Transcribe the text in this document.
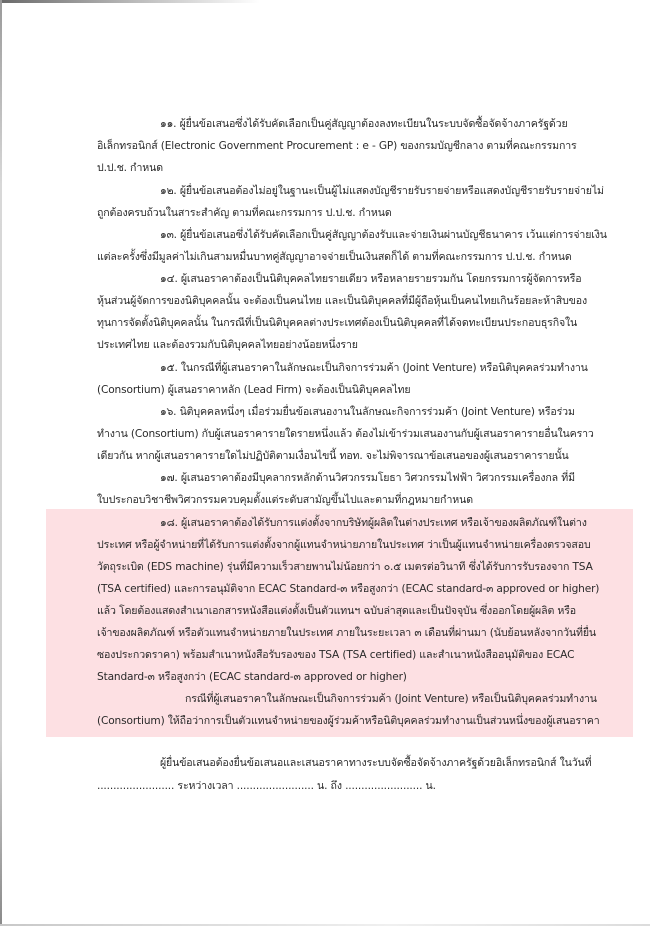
๑๑. ผู้ยื่นข้อเสนอซึ่งได้รับคัดเลือกเป็นคู่สัญญาต้องลงทะเบียนในระบบจัดซื้อจัดจ้างภาครัฐด้วย
อิเล็กทรอนิกส์ (Electronic Government Procurement : e - GP) ของกรมบัญชีกลาง ตามที่คณะกรรมการ
ป.ป.ช. กำหนด
๑๒. ผู้ยื่นข้อเสนอต้องไม่อยู่ในฐานะเป็นผู้ไม่แสดงบัญชีรายรับรายจ่ายหรือแสดงบัญชีรายรับรายจ่ายไม่
ถูกต้องครบถ้วนในสาระสำคัญ ตามที่คณะกรรมการ ป.ป.ช. กำหนด
๑๓. ผู้ยื่นข้อเสนอซึ่งได้รับคัดเลือกเป็นคู่สัญญาต้องรับและจ่ายเงินผ่านบัญชีธนาคาร เว้นแต่การจ่ายเงิน
แต่ละครั้งซึ่งมีมูลค่าไม่เกินสามหมื่นบาทคู่สัญญาอาจจ่ายเป็นเงินสดก็ได้ ตามที่คณะกรรมการ ป.ป.ช. กำหนด
๑๔. ผู้เสนอราคาต้องเป็นนิติบุคคลไทยรายเดียว หรือหลายรายรวมกัน โดยกรรมการผู้จัดการหรือ
หุ้นส่วนผู้จัดการของนิติบุคคลนั้น จะต้องเป็นคนไทย และเป็นนิติบุคคลที่มีผู้ถือหุ้นเป็นคนไทยเกินร้อยละห้าสิบของ
ทุนการจัดตั้งนิติบุคคลนั้น ในกรณีที่เป็นนิติบุคคลต่างประเทศต้องเป็นนิติบุคคลที่ได้จดทะเบียนประกอบธุรกิจใน
ประเทศไทย และต้องรวมกับนิติบุคคลไทยอย่างน้อยหนึ่งราย
๑๕. ในกรณีที่ผู้เสนอราคาในลักษณะเป็นกิจการร่วมค้า (Joint Venture) หรือนิติบุคคลร่วมทำงาน
(Consortium) ผู้เสนอราคาหลัก (Lead Firm) จะต้องเป็นนิติบุคคลไทย
๑๖. นิติบุคคลหนึ่งๆ เมื่อร่วมยื่นข้อเสนองานในลักษณะกิจการร่วมค้า (Joint Venture) หรือร่วม
ทำงาน (Consortium) กับผู้เสนอราคารายใดรายหนึ่งแล้ว ต้องไม่เข้าร่วมเสนองานกับผู้เสนอราคารายอื่นในคราว
เดียวกัน หากผู้เสนอราคารายใดไม่ปฏิบัติตามเงื่อนไขนี้ ทอท. จะไม่พิจารณาข้อเสนอของผู้เสนอราคารายนั้น
๑๗. ผู้เสนอราคาต้องมีบุคลากรหลักด้านวิศวกรรมโยธา วิศวกรรมไฟฟ้า วิศวกรรมเครื่องกล ที่มี
ใบประกอบวิชาชีพวิศวกรรมควบคุมตั้งแต่ระดับสามัญขึ้นไปและตามที่กฎหมายกำหนด
๑๘. ผู้เสนอราคาต้องได้รับการแต่งตั้งจากบริษัทผู้ผลิตในต่างประเทศ หรือเจ้าของผลิตภัณฑ์ในต่าง
ประเทศ หรือผู้จำหน่ายที่ได้รับการแต่งตั้งจากผู้แทนจำหน่ายภายในประเทศ ว่าเป็นผู้แทนจำหน่ายเครื่องตรวจสอบ
วัตถุระเบิด (EDS machine) รุ่นที่มีความเร็วสายพานไม่น้อยกว่า ๐.๕ เมตรต่อวินาที ซึ่งได้รับการรับรองจาก TSA
(TSA certified) และการอนุมัติจาก ECAC Standard-๓ หรือสูงกว่า (ECAC standard-๓ approved or higher)
แล้ว โดยต้องแสดงสำเนาเอกสารหนังสือแต่งตั้งเป็นตัวแทนฯ ฉบับล่าสุดและเป็นปัจจุบัน ซึ่งออกโดยผู้ผลิต หรือ
เจ้าของผลิตภัณฑ์ หรือตัวแทนจำหน่ายภายในประเทศ ภายในระยะเวลา ๓ เดือนที่ผ่านมา (นับย้อนหลังจากวันที่ยื่น
ซองประกวดราคา) พร้อมสำเนาหนังสือรับรองของ TSA (TSA certified) และสำเนาหนังสืออนุมัติของ ECAC
Standard-๓ หรือสูงกว่า (ECAC standard-๓ approved or higher)
กรณีที่ผู้เสนอราคาในลักษณะเป็นกิจการร่วมค้า (Joint Venture) หรือเป็นนิติบุคคลร่วมทำงาน
(Consortium) ให้ถือว่าการเป็นตัวแทนจำหน่ายของผู้ร่วมค้าหรือนิติบุคคลร่วมทำงานเป็นส่วนหนึ่งของผู้เสนอราคา
ผู้ยื่นข้อเสนอต้องยื่นข้อเสนอและเสนอราคาทางระบบจัดซื้อจัดจ้างภาครัฐด้วยอิเล็กทรอนิกส์ ในวันที่
........................ ระหว่างเวลา ........................ น. ถึง ........................ น.
